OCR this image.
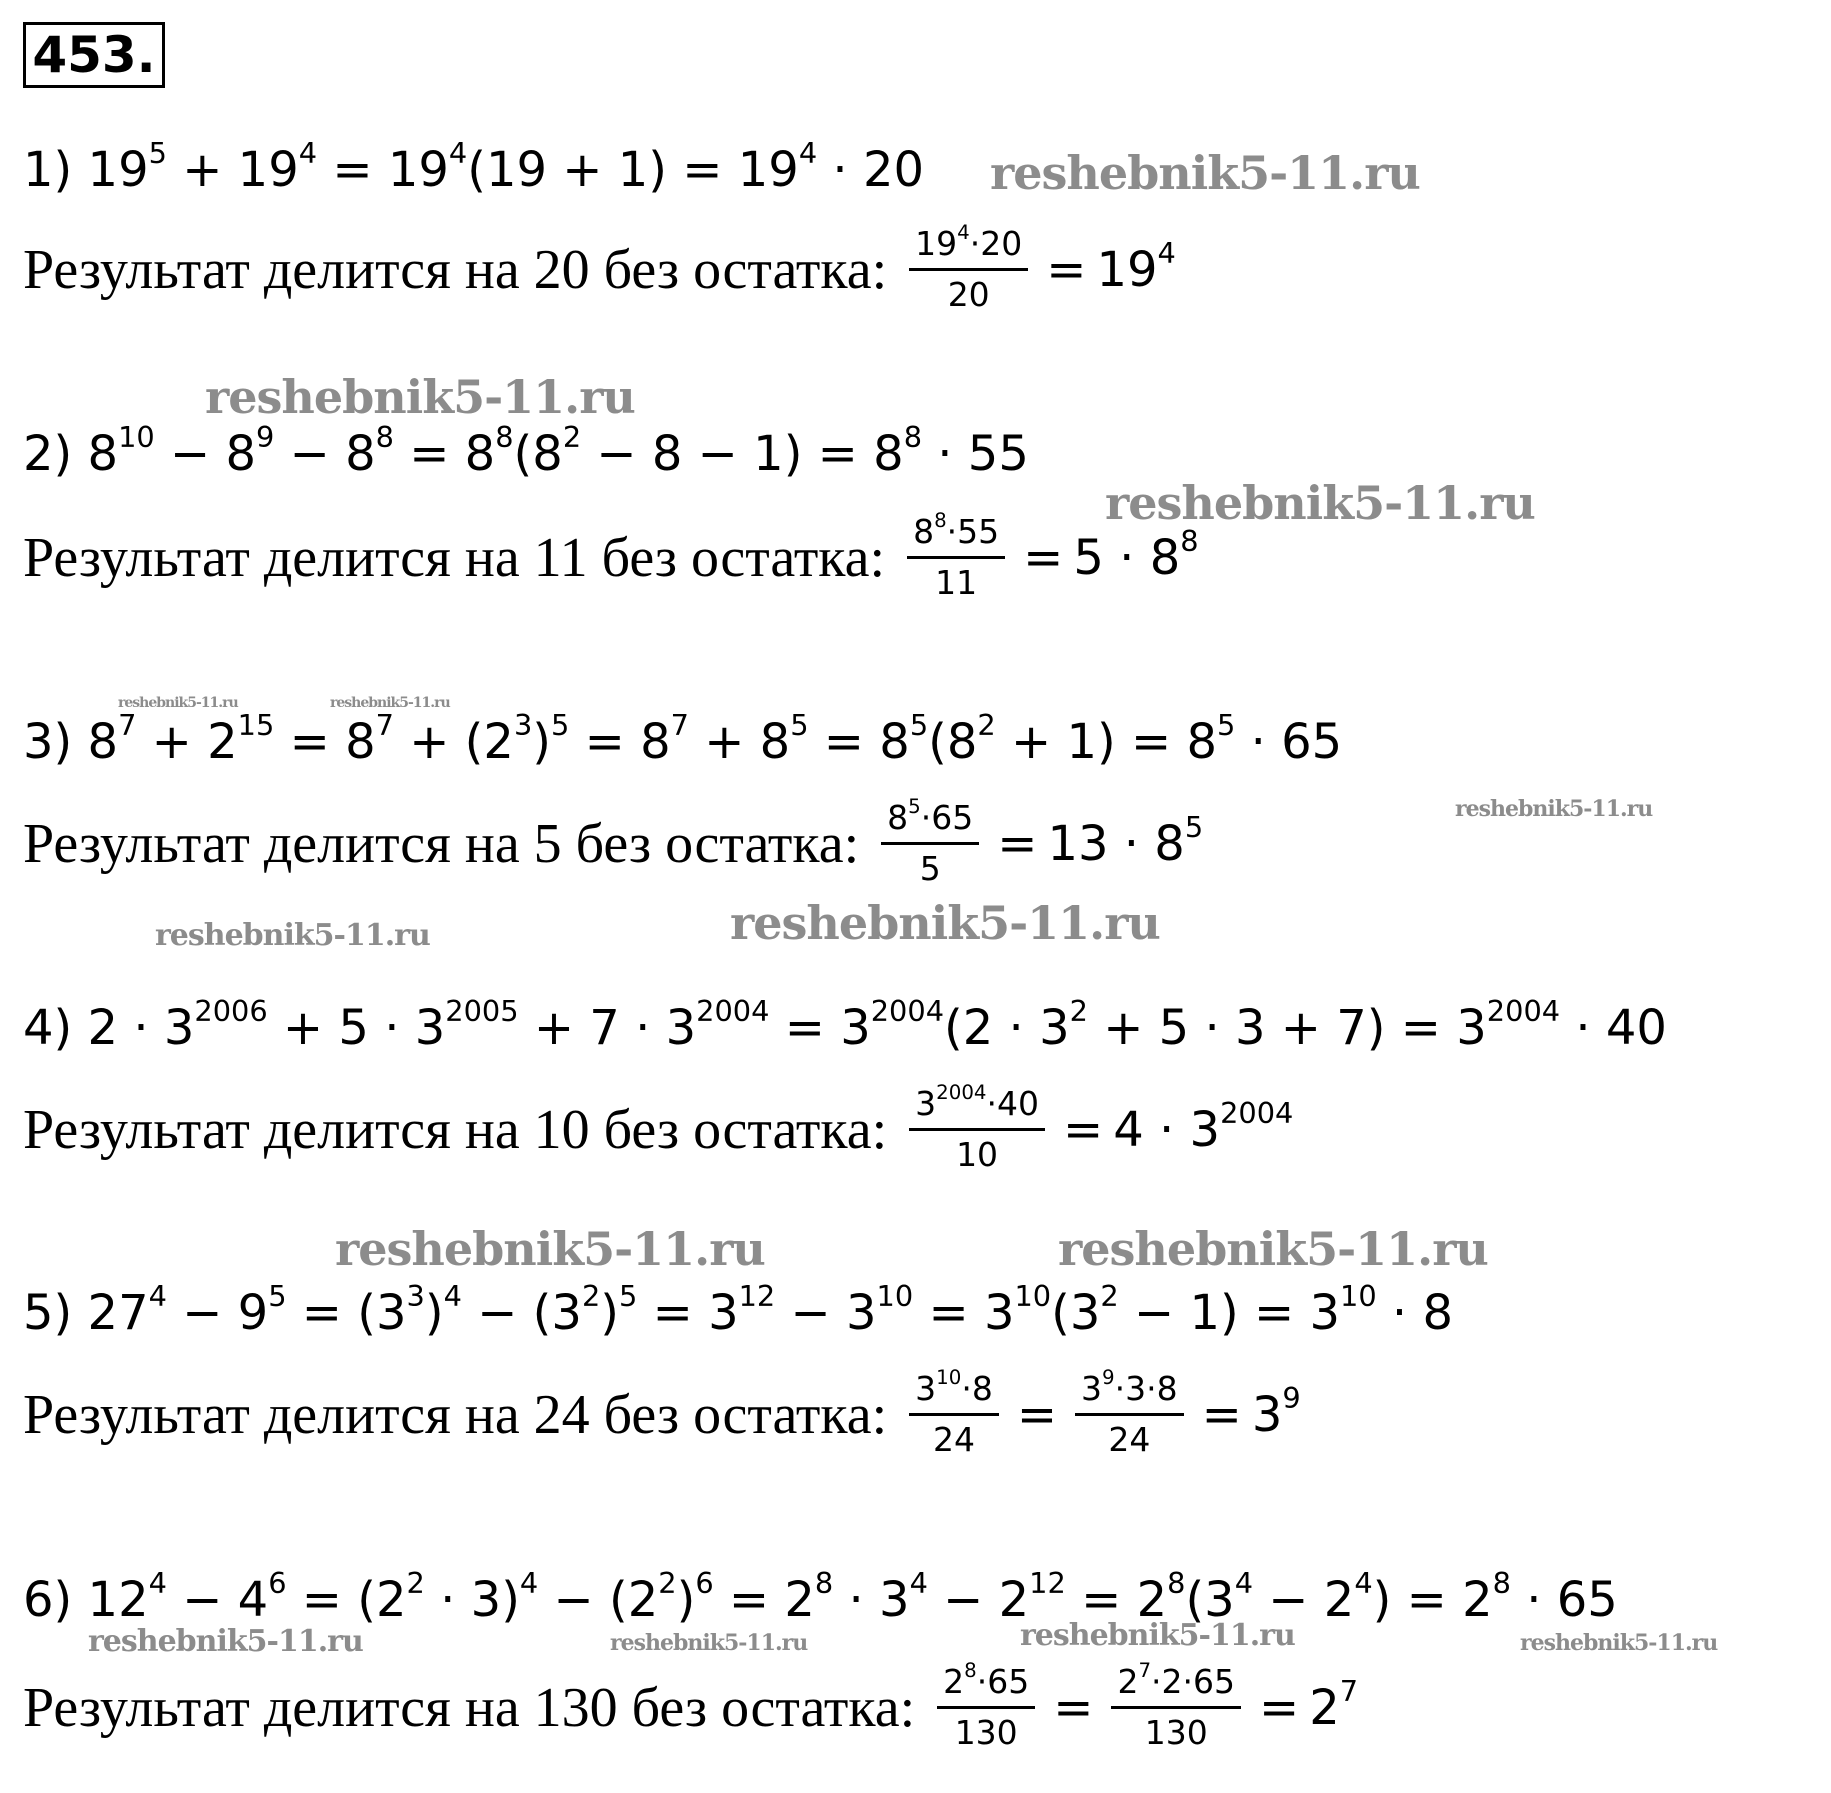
453.
1) $19^5 + 19^4 = 19^4(19 + 1) = 19^4 \cdot 20$
Результат делится на 20 без остатка: $\frac{19^4\cdot 20}{20} = 19^4$
2) $8^{10} - 8^9 - 8^8 = 8^8(8^2 - 8 - 1) = 8^8 \cdot 55$
Результат делится на 11 без остатка: $\frac{8^8\cdot 55}{11} = 5 \cdot 8^8$
3) $8^7 + 2^{15} = 8^7 + (2^3)^5 = 8^7 + 8^5 = 8^5(8^2 + 1) = 8^5 \cdot 65$
Результат делится на 5 без остатка: $\frac{8^5\cdot 65}{5} = 13 \cdot 8^5$
4) $2 \cdot 3^{2006} + 5 \cdot 3^{2005} + 7 \cdot 3^{2004} = 3^{2004}(2 \cdot 3^2 + 5 \cdot 3 + 7) = 3^{2004} \cdot 40$
Результат делится на 10 без остатка: $\frac{3^{2004}\cdot 40}{10} = 4 \cdot 3^{2004}$
5) $27^4 - 9^5 = (3^3)^4 - (3^2)^5 = 3^{12} - 3^{10} = 3^{10}(3^2 - 1) = 3^{10} \cdot 8$
Результат делится на 24 без остатка: $\frac{3^{10}\cdot 8}{24} = \frac{3^9\cdot 3\cdot 8}{24} = 3^9$
6) $12^4 - 4^6 = (2^2 \cdot 3)^4 - (2^2)^6 = 2^8 \cdot 3^4 - 2^{12} = 2^8(3^4 - 2^4) = 2^8 \cdot 65$
Результат делится на 130 без остатка: $\frac{2^8\cdot 65}{130} = \frac{2^7\cdot 2\cdot 65}{130} = 2^7$
reshebnik5-11.ru
reshebnik5-11.ru
reshebnik5-11.ru
reshebnik5-11.ru	reshebnik5-11.ru
reshebnik5-11.ru
reshebnik5-11.ru	reshebnik5-11.ru
reshebnik5-11.ru	reshebnik5-11.ru
reshebnik5-11.ru	reshebnik5-11.ru	reshebnik5-11.ru	reshebnik5-11.ru
